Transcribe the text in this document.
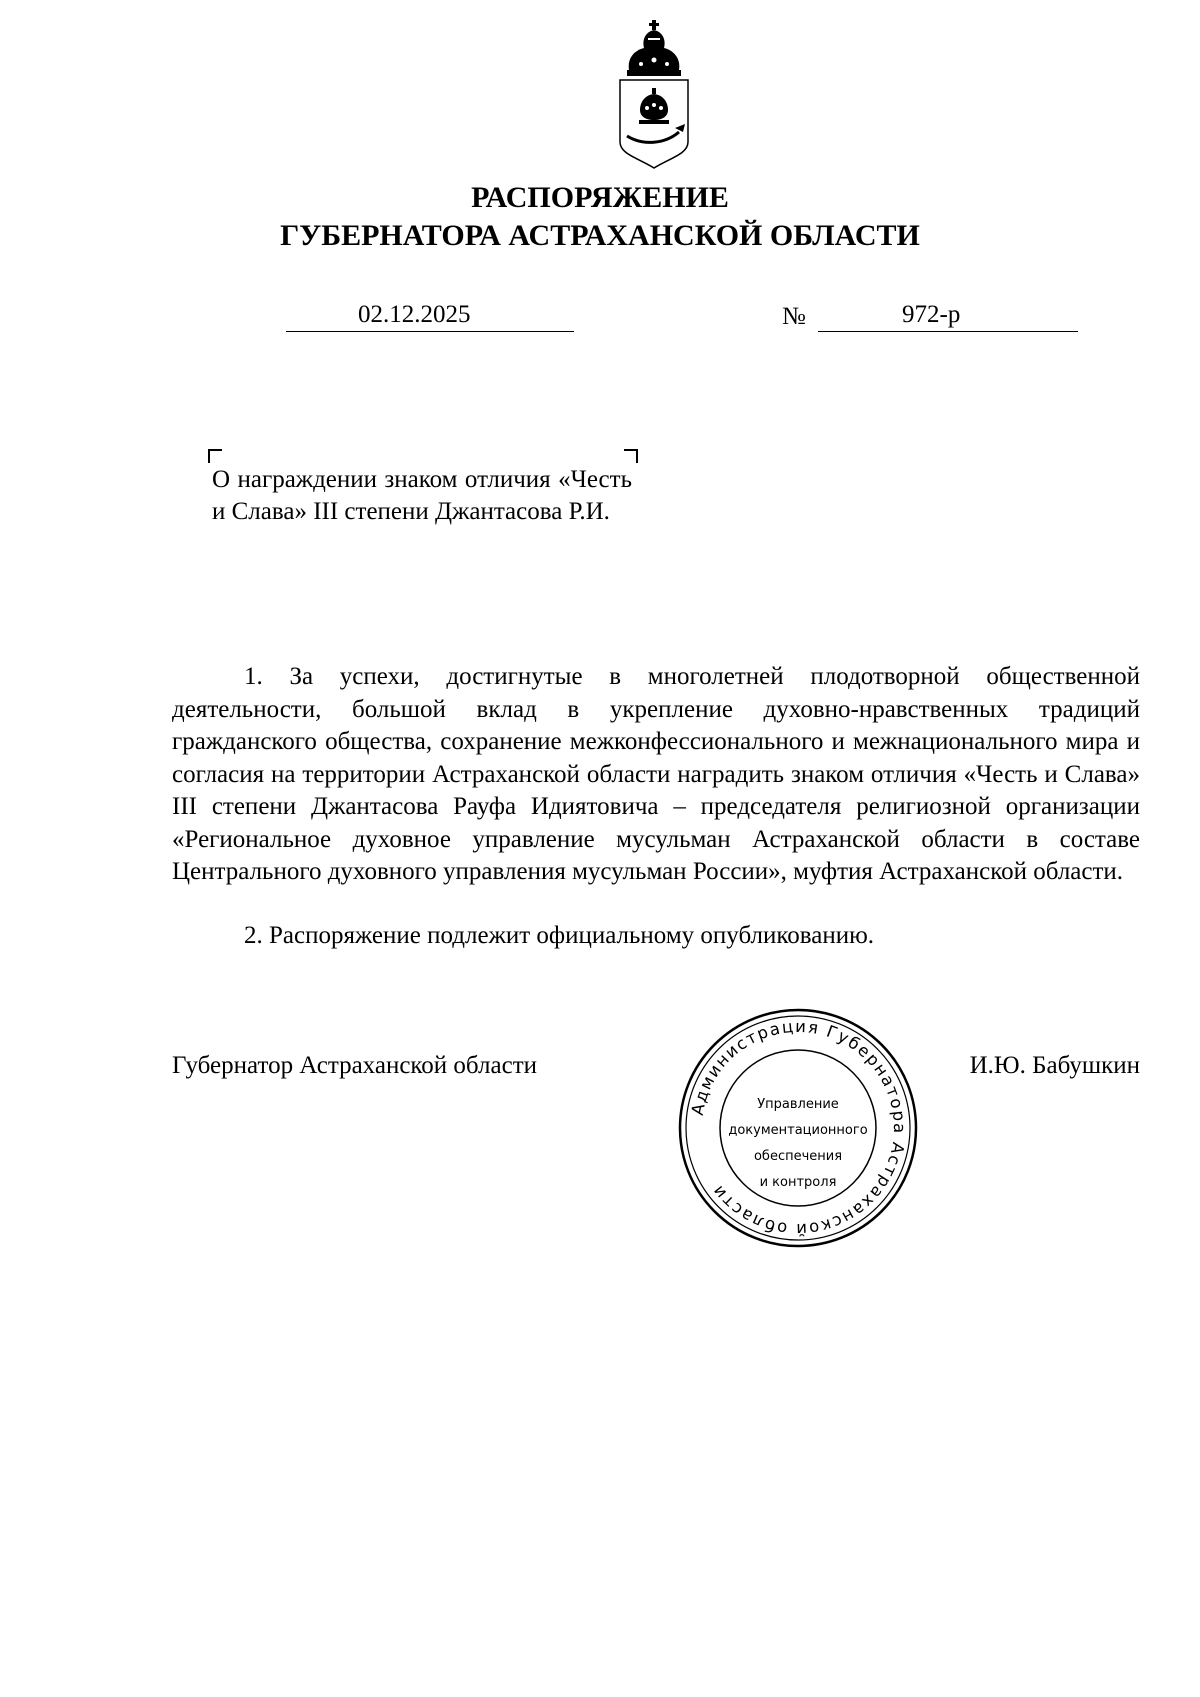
РАСПОРЯЖЕНИЕ
ГУБЕРНАТОРА АСТРАХАНСКОЙ ОБЛАСТИ
02.12.2025	№	972-р
О награждении знаком отличия «Честь и Слава» III степени Джантасова Р.И.

1. За успехи, достигнутые в многолетней плодотворной общественной деятельности, большой вклад в укрепление духовно-нравственных традиций гражданского общества, сохранение межконфессионального и межнационального мира и согласия на территории Астраханской области наградить знаком отличия «Честь и Слава» III степени Джантасова Рауфа Идиятовича – председателя религиозной организации «Региональное духовное управление мусульман Астраханской области в составе Центрального духовного управления мусульман России», муфтия Астраханской области.

2. Распоряжение подлежит официальному опубликованию.

Губернатор Астраханской области	И.Ю. Бабушкин
Администрация Губернатора Астраханской области
Управление
документационного
обеспечения
и контроля
